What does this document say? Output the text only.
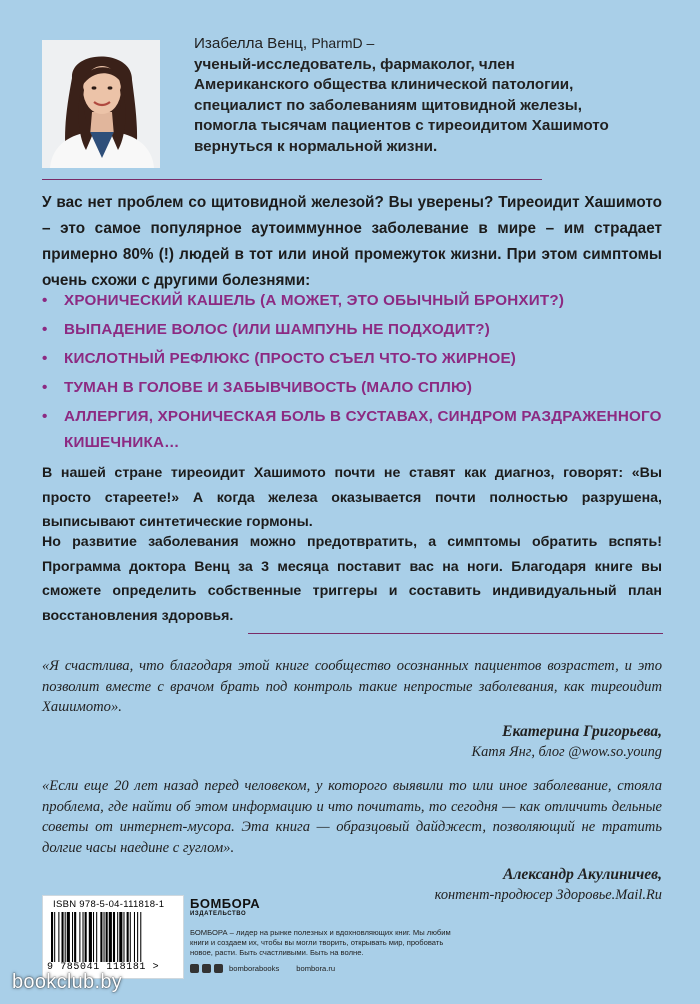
Изабелла Венц, PharmD –
ученый-исследователь, фармаколог, член
Американского общества клинической патологии,
специалист по заболеваниям щитовидной железы,
помогла тысячам пациентов с тиреоидитом Хашимото
вернуться к нормальной жизни.
У вас нет проблем со щитовидной железой? Вы уверены? Тиреоидит Хашимото – это самое популярное аутоиммунное заболевание в мире – им страдает примерно 80% (!) людей в тот или иной промежуток жизни. При этом симптомы очень схожи с другими болезнями:
• ХРОНИЧЕСКИЙ КАШЕЛЬ (А МОЖЕТ, ЭТО ОБЫЧНЫЙ БРОНХИТ?)
• ВЫПАДЕНИЕ ВОЛОС (ИЛИ ШАМПУНЬ НЕ ПОДХОДИТ?)
• КИСЛОТНЫЙ РЕФЛЮКС (ПРОСТО СЪЕЛ ЧТО-ТО ЖИРНОЕ)
• ТУМАН В ГОЛОВЕ И ЗАБЫВЧИВОСТЬ (МАЛО СПЛЮ)
• АЛЛЕРГИЯ, ХРОНИЧЕСКАЯ БОЛЬ В СУСТАВАХ, СИНДРОМ РАЗДРАЖЕННОГО КИШЕЧНИКА…
В нашей стране тиреоидит Хашимото почти не ставят как диагноз, говорят: «Вы просто стареете!» А когда железа оказывается почти полностью разрушена, выписывают синтетические гормоны.
Но развитие заболевания можно предотвратить, а симптомы обратить вспять! Программа доктора Венц за 3 месяца поставит вас на ноги. Благодаря книге вы сможете определить собственные триггеры и составить индивидуальный план восстановления здоровья.
«Я счастлива, что благодаря этой книге сообщество осознанных пациентов возрастет, и это позволит вместе с врачом брать под контроль такие непростые заболевания, как тиреоидит Хашимото».
Екатерина Григорьева,
Катя Янг, блог @wow.so.young
«Если еще 20 лет назад перед человеком, у которого выявили то или иное заболевание, стояла проблема, где найти об этом информацию и что почитать, то сегодня — как отличить дельные советы от интернет-мусора. Эта книга — образцовый дайджест, позволяющий не тратить долгие часы наедине с гуглом».
Александр Акулиничев,
контент-продюсер Здоровье.Mail.Ru
ISBN 978-5-04-111818-1
9 785041 118181 >
БОМБОРА
ИЗДАТЕЛЬСТВО
БОМБОРА – лидер на рынке полезных и вдохновляющих книг. Мы любим книги и создаем их, чтобы вы могли творить, открывать мир, пробовать новое, расти. Быть счастливыми. Быть на волне.
bomborabooks bombora.ru
bookclub.by
